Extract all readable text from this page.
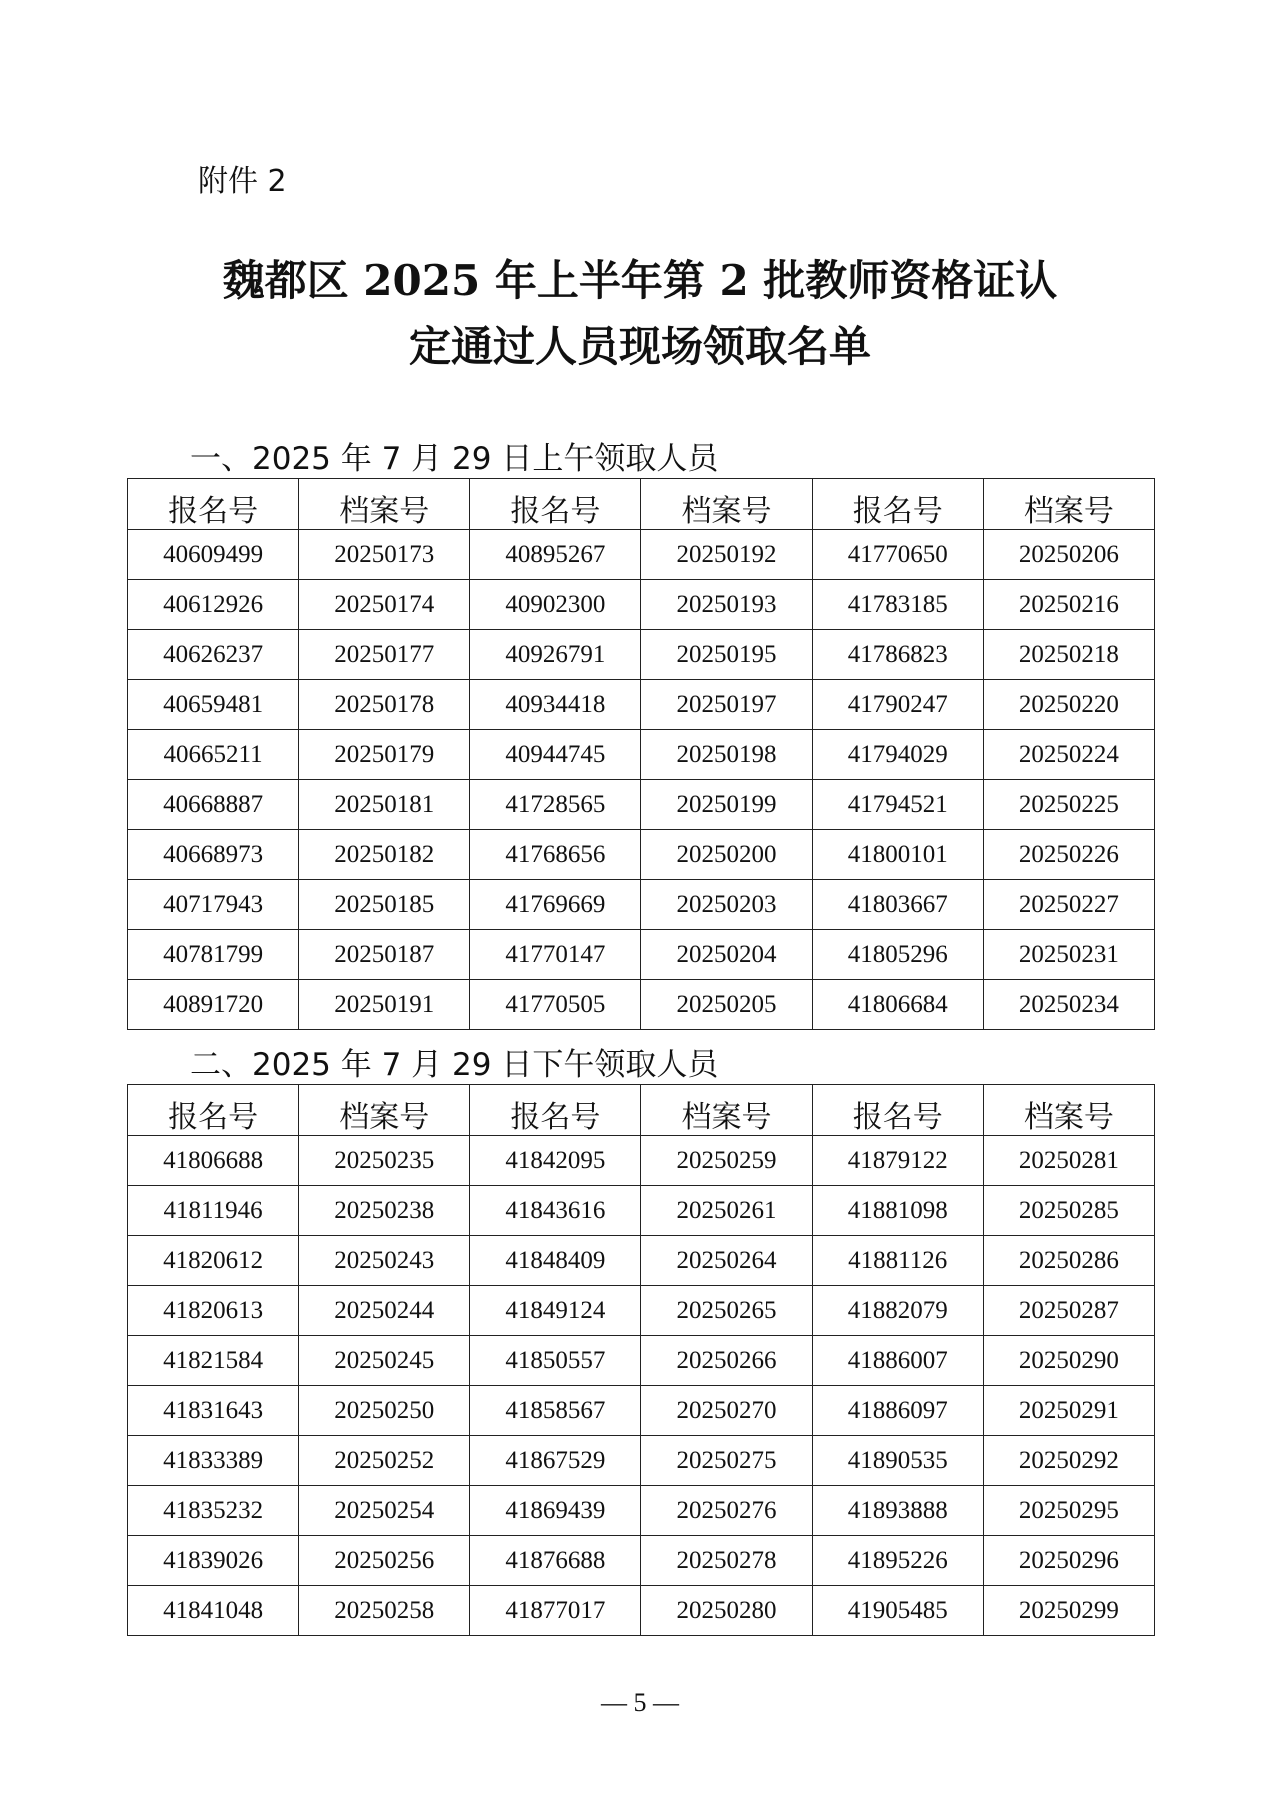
附件 2
魏都区 2025 年上半年第 2 批教师资格证认
定通过人员现场领取名单
一、2025 年 7 月 29 日上午领取人员
报名号	档案号	报名号	档案号	报名号	档案号
40609499	20250173	40895267	20250192	41770650	20250206
40612926	20250174	40902300	20250193	41783185	20250216
40626237	20250177	40926791	20250195	41786823	20250218
40659481	20250178	40934418	20250197	41790247	20250220
40665211	20250179	40944745	20250198	41794029	20250224
40668887	20250181	41728565	20250199	41794521	20250225
40668973	20250182	41768656	20250200	41800101	20250226
40717943	20250185	41769669	20250203	41803667	20250227
40781799	20250187	41770147	20250204	41805296	20250231
40891720	20250191	41770505	20250205	41806684	20250234
二、2025 年 7 月 29 日下午领取人员
报名号	档案号	报名号	档案号	报名号	档案号
41806688	20250235	41842095	20250259	41879122	20250281
41811946	20250238	41843616	20250261	41881098	20250285
41820612	20250243	41848409	20250264	41881126	20250286
41820613	20250244	41849124	20250265	41882079	20250287
41821584	20250245	41850557	20250266	41886007	20250290
41831643	20250250	41858567	20250270	41886097	20250291
41833389	20250252	41867529	20250275	41890535	20250292
41835232	20250254	41869439	20250276	41893888	20250295
41839026	20250256	41876688	20250278	41895226	20250296
41841048	20250258	41877017	20250280	41905485	20250299
— 5 —
